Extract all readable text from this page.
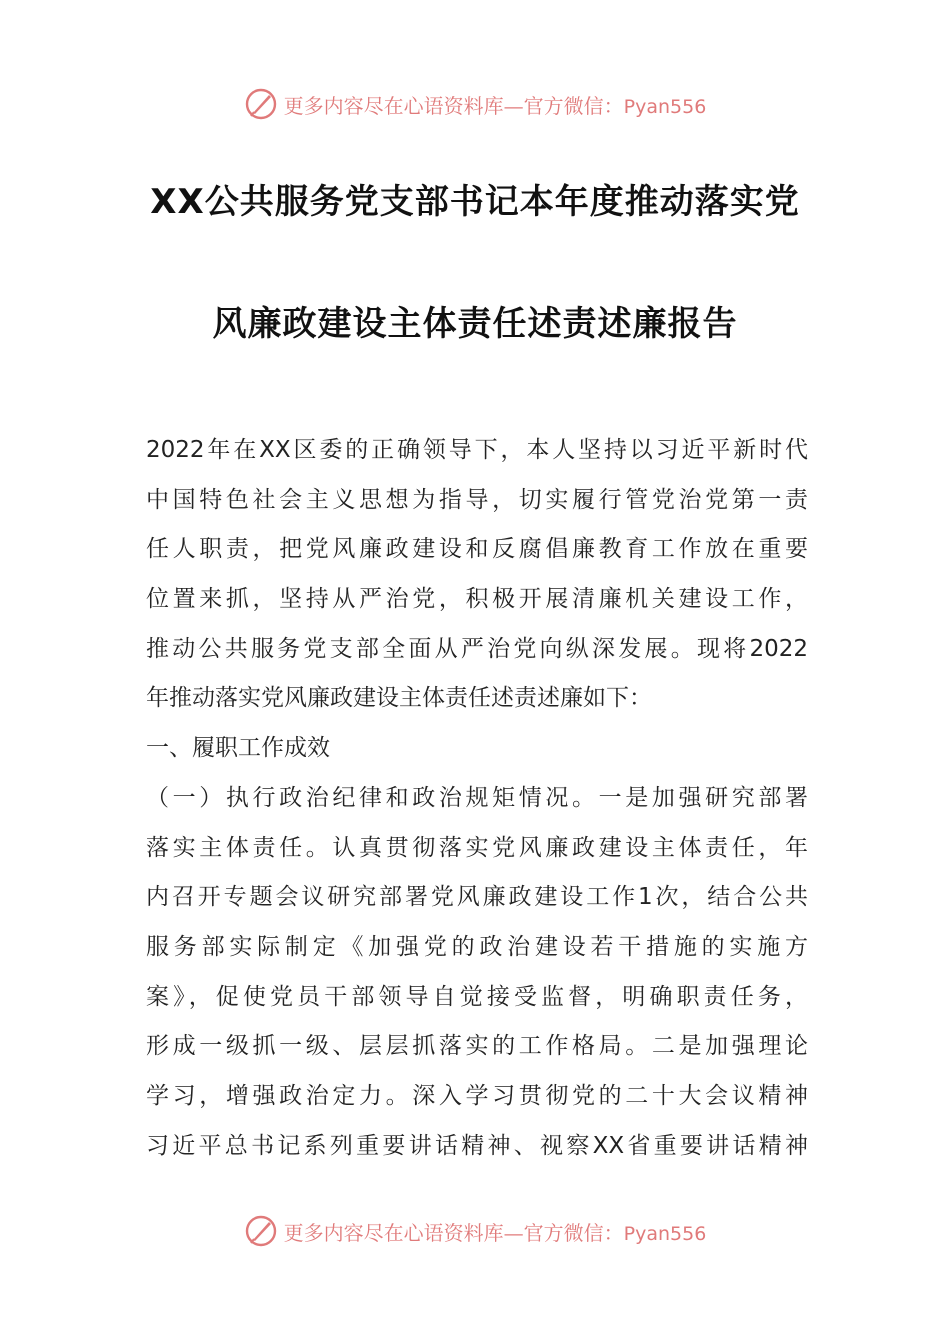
更多内容尽在心语资料库—官方微信：Pyan556
XX公共服务党支部书记本年度推动落实党
风廉政建设主体责任述责述廉报告
2022年在XX区委的正确领导下，本人坚持以习近平新时代
中国特色社会主义思想为指导，切实履行管党治党第一责
任人职责，把党风廉政建设和反腐倡廉教育工作放在重要
位置来抓，坚持从严治党，积极开展清廉机关建设工作，
推动公共服务党支部全面从严治党向纵深发展。现将2022
年推动落实党风廉政建设主体责任述责述廉如下：
一、履职工作成效
（一）执行政治纪律和政治规矩情况。一是加强研究部署
落实主体责任。认真贯彻落实党风廉政建设主体责任，年
内召开专题会议研究部署党风廉政建设工作1次，结合公共
服务部实际制定《加强党的政治建设若干措施的实施方
案》，促使党员干部领导自觉接受监督，明确职责任务，
形成一级抓一级、层层抓落实的工作格局。二是加强理论
学习，增强政治定力。深入学习贯彻党的二十大会议精神
习近平总书记系列重要讲话精神、视察XX省重要讲话精神
更多内容尽在心语资料库—官方微信：Pyan556
